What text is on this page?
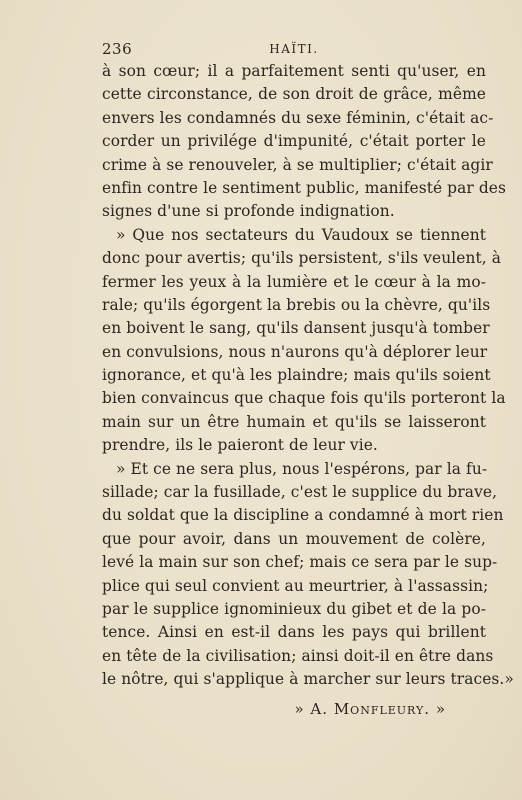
236	HAÏTI.
à son cœur; il a parfaitement senti qu'user, en
cette circonstance, de son droit de grâce, même
envers les condamnés du sexe féminin, c'était ac-
corder un privilége d'impunité, c'était porter le
crime à se renouveler, à se multiplier; c'était agir
enfin contre le sentiment public, manifesté par des
signes d'une si profonde indignation.
» Que nos sectateurs du Vaudoux se tiennent
donc pour avertis; qu'ils persistent, s'ils veulent, à
fermer les yeux à la lumière et le cœur à la mo-
rale; qu'ils égorgent la brebis ou la chèvre, qu'ils
en boivent le sang, qu'ils dansent jusqu'à tomber
en convulsions, nous n'aurons qu'à déplorer leur
ignorance, et qu'à les plaindre; mais qu'ils soient
bien convaincus que chaque fois qu'ils porteront la
main sur un être humain et qu'ils se laisseront
prendre, ils le paieront de leur vie.
» Et ce ne sera plus, nous l'espérons, par la fu-
sillade; car la fusillade, c'est le supplice du brave,
du soldat que la discipline a condamné à mort rien
que pour avoir, dans un mouvement de colère,
levé la main sur son chef; mais ce sera par le sup-
plice qui seul convient au meurtrier, à l'assassin;
par le supplice ignominieux du gibet et de la po-
tence. Ainsi en est-il dans les pays qui brillent
en tête de la civilisation; ainsi doit-il en être dans
le nôtre, qui s'applique à marcher sur leurs traces.»
» A. Monfleury. »
